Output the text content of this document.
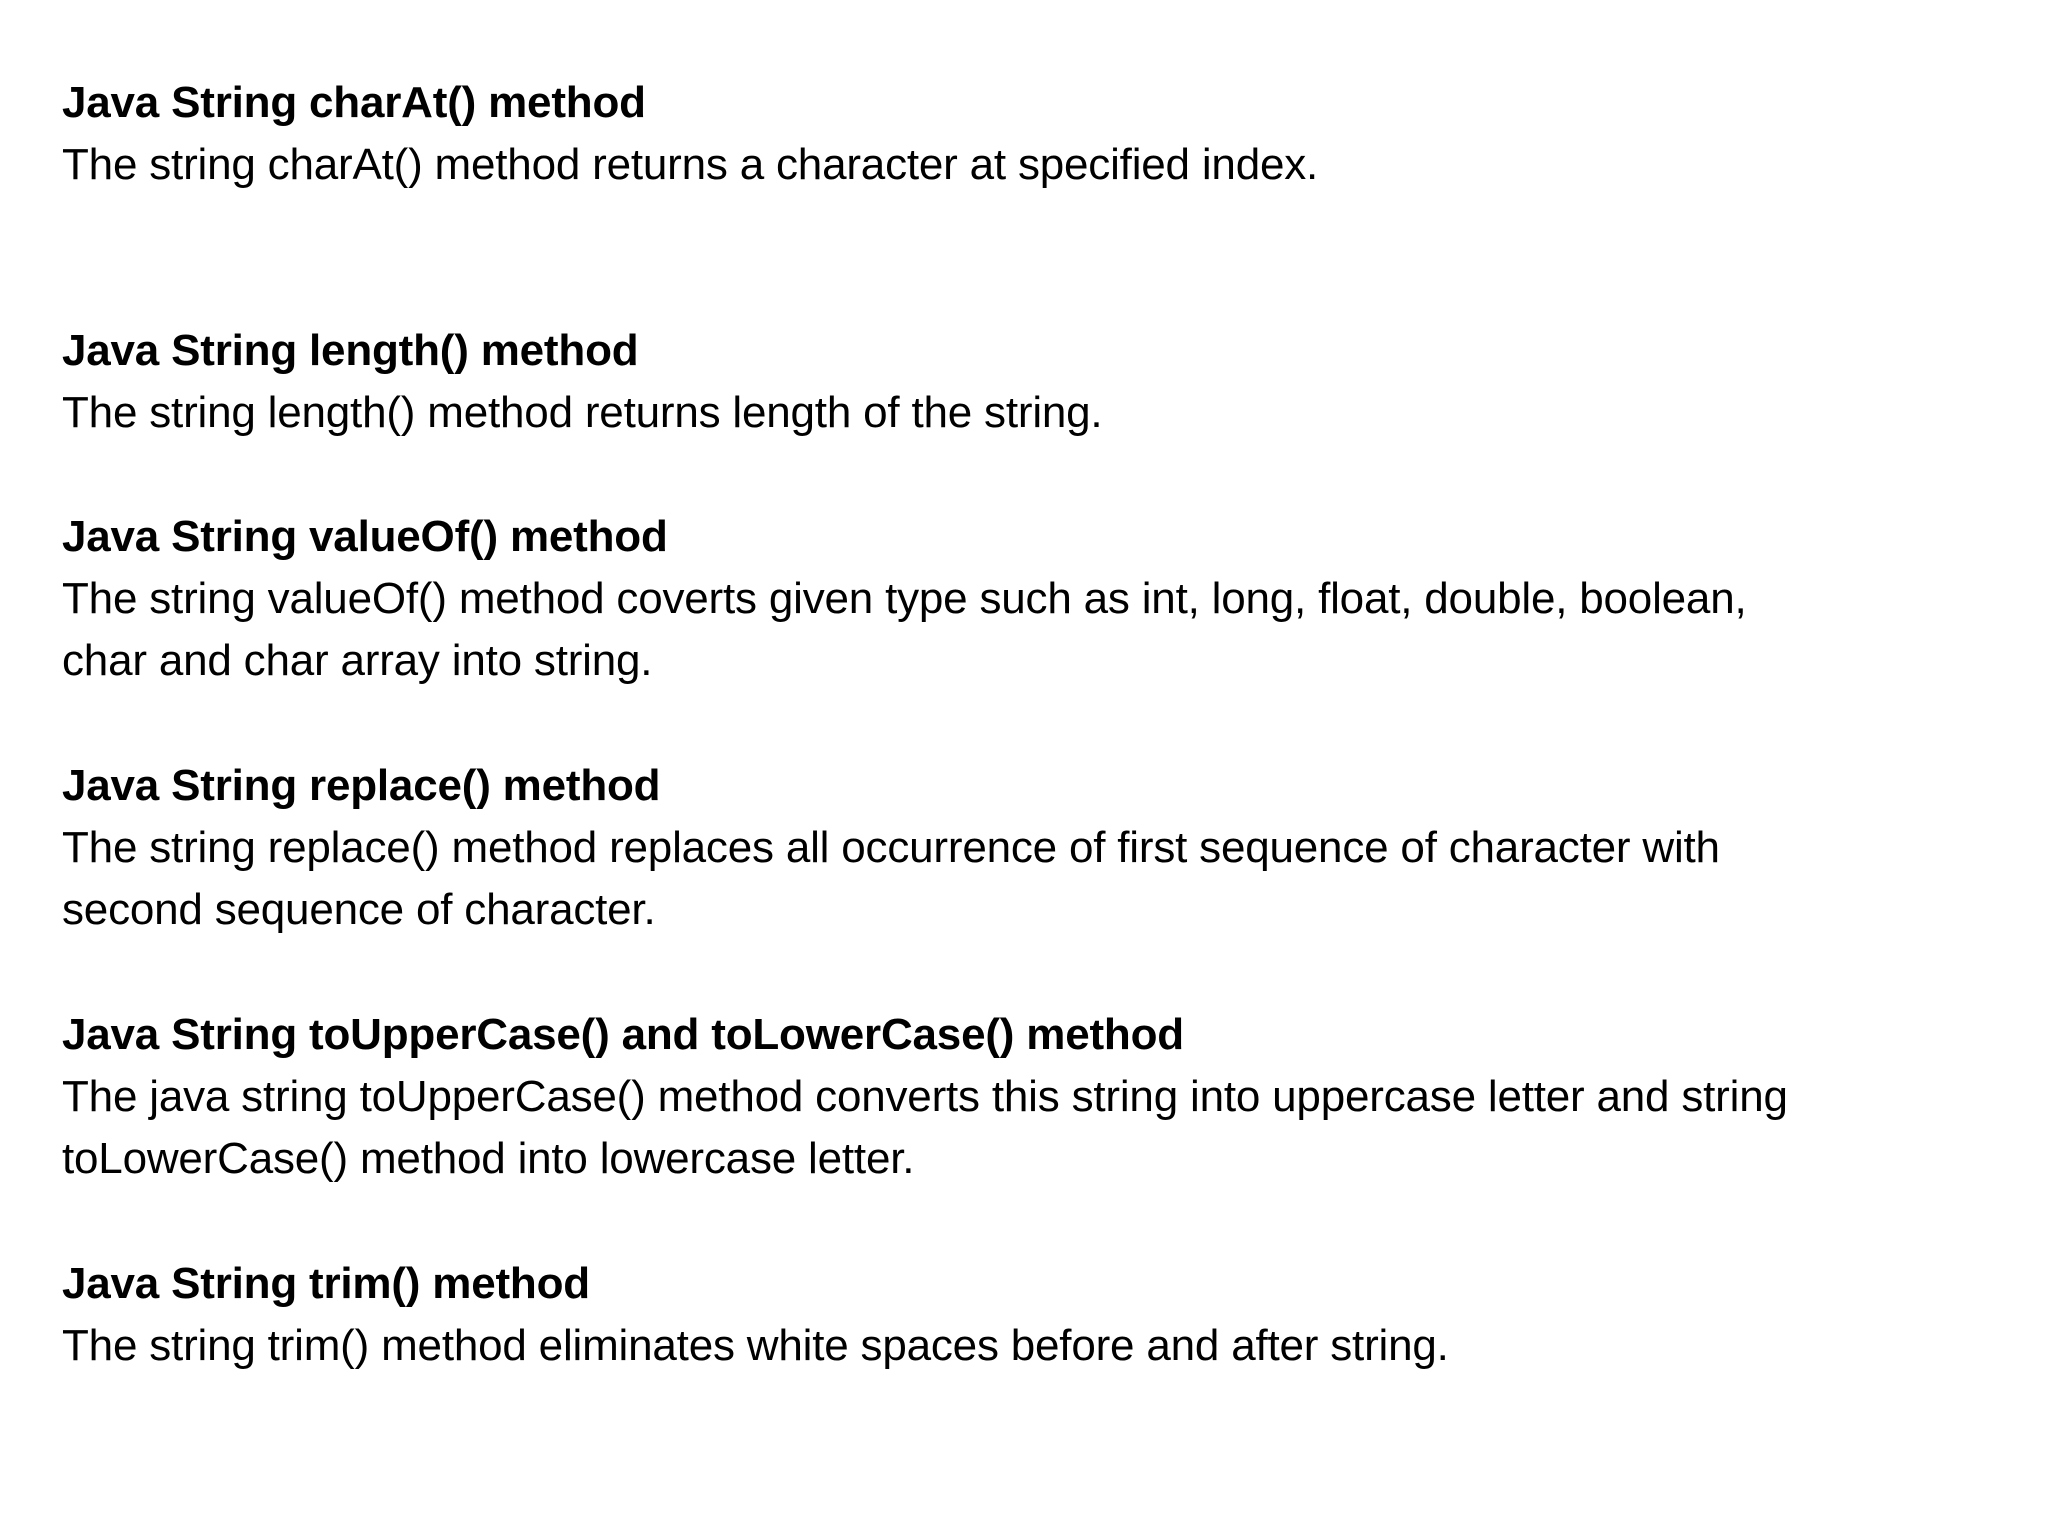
Java String charAt() method
The string charAt() method returns a character at specified index.
Java String length() method
The string length() method returns length of the string.
Java String valueOf() method
The string valueOf() method coverts given type such as int, long, float, double, boolean,
char and char array into string.
Java String replace() method
The string replace() method replaces all occurrence of first sequence of character with
second sequence of character.
Java String toUpperCase() and toLowerCase() method
The java string toUpperCase() method converts this string into uppercase letter and string
toLowerCase() method into lowercase letter.
Java String trim() method
The string trim() method eliminates white spaces before and after string.
